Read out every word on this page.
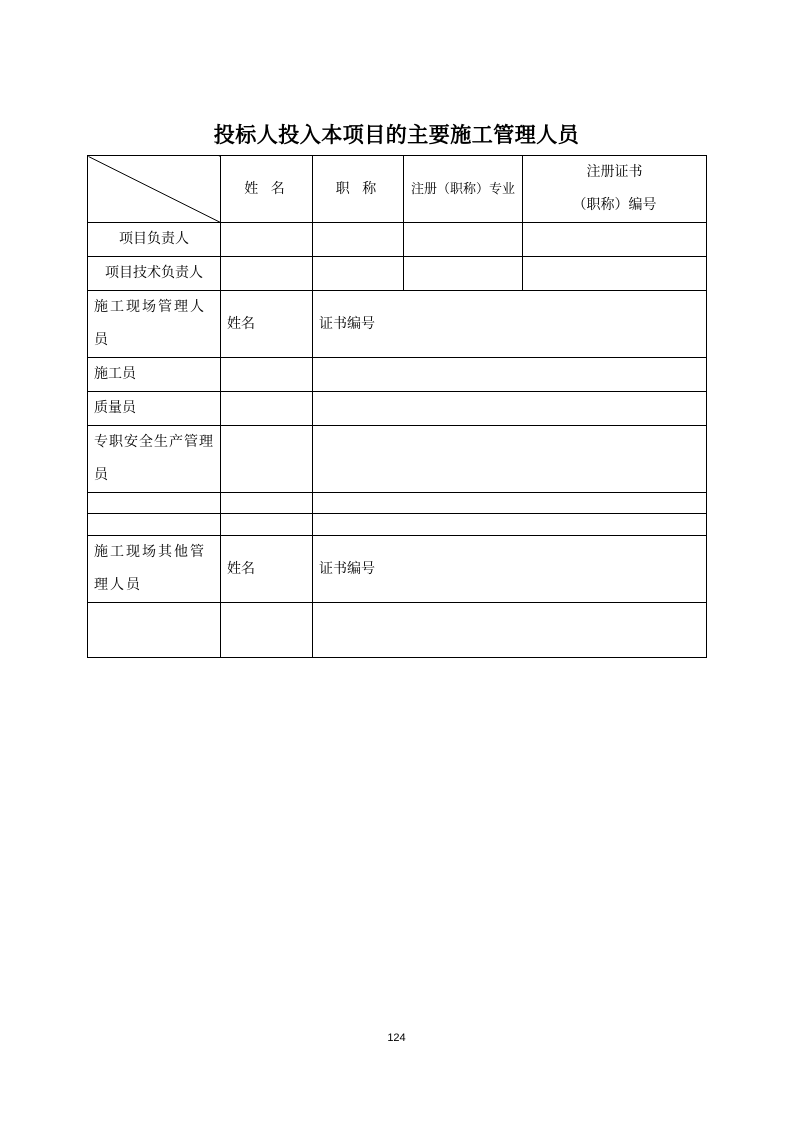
投标人投入本项目的主要施工管理人员
	姓 名	职 称	注册（职称）专业	注册证书
（职称）编号

项目负责人				
项目技术负责人				
施工现场管理人员	姓名	证书编号		
施工员				
质量员				
专职安全生产管理员				

施工现场其他管理人员	姓名	证书编号		

124
